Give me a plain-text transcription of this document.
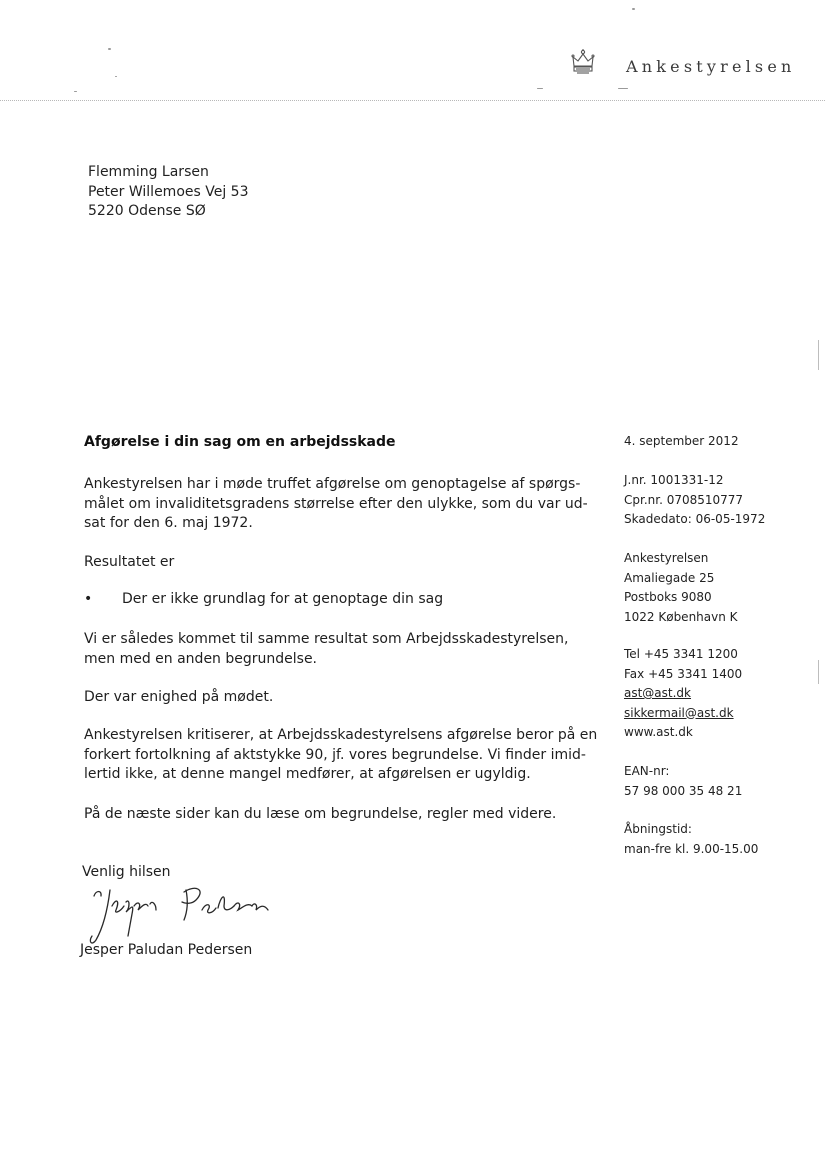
Ankestyrelsen
Flemming Larsen
Peter Willemoes Vej 53
5220 Odense SØ
Afgørelse i din sag om en arbejdsskade
Ankestyrelsen har i møde truffet afgørelse om genoptagelse af spørgs-
målet om invaliditetsgradens størrelse efter den ulykke, som du var ud-
sat for den 6. maj 1972.
Resultatet er
•	Der er ikke grundlag for at genoptage din sag
Vi er således kommet til samme resultat som Arbejdsskadestyrelsen,
men med en anden begrundelse.
Der var enighed på mødet.
Ankestyrelsen kritiserer, at Arbejdsskadestyrelsens afgørelse beror på en
forkert fortolkning af aktstykke 90, jf. vores begrundelse. Vi finder imid-
lertid ikke, at denne mangel medfører, at afgørelsen er ugyldig.
På de næste sider kan du læse om begrundelse, regler med videre.
Venlig hilsen
Jesper Paludan Pedersen
4. september 2012
J.nr. 1001331-12
Cpr.nr. 0708510777
Skadedato: 06-05-1972
Ankestyrelsen
Amaliegade 25
Postboks 9080
1022 København K
Tel +45 3341 1200
Fax +45 3341 1400
ast@ast.dk
sikkermail@ast.dk
www.ast.dk
EAN-nr:
57 98 000 35 48 21
Åbningstid:
man-fre kl. 9.00-15.00
